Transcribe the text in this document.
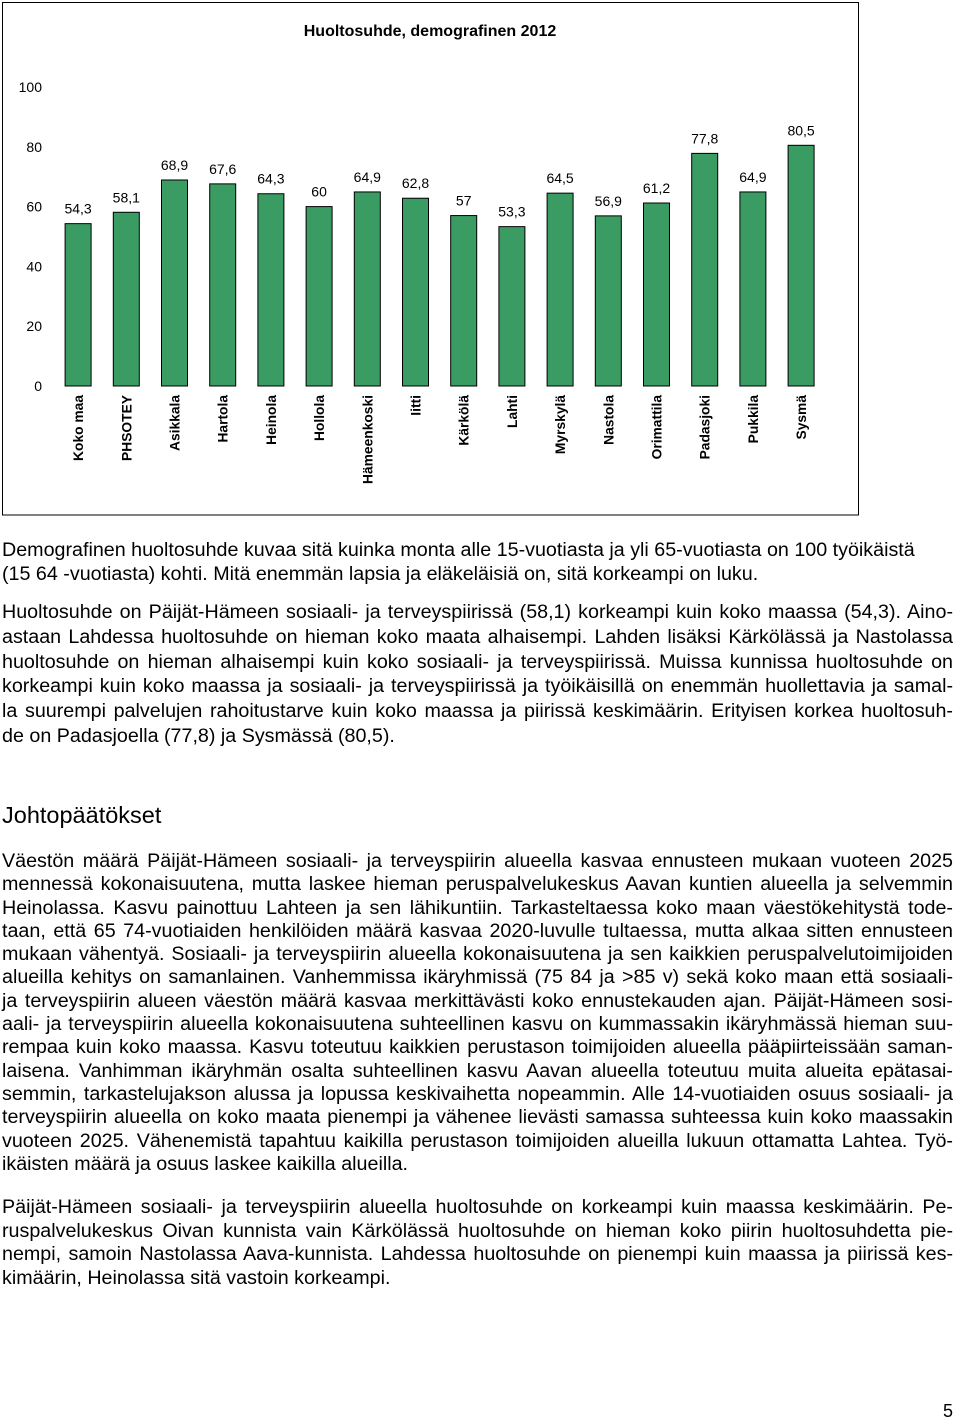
Huoltosuhde, demografinen 2012
0
20
40
60
80
100
54,3
58,1
68,9 67,6
64,3
60
64,9 62,8
57
53,3
64,5
56,9
61,2
77,8
64,9
80,5
Koko maa PHSOTEY Asikkala Hartola Heinola Hollola Hämeenkoski Iitti Kärkölä Lahti Myrskylä Nastola Orimattila Padasjoki Pukkila Sysmä
Demografinen huoltosuhde kuvaa sitä kuinka monta alle 15-vuotiasta ja yli 65-vuotiasta on 100 työikäistä
(15 64 -vuotiasta) kohti. Mitä enemmän lapsia ja eläkeläisiä on, sitä korkeampi on luku.
Huoltosuhde on Päijät-Hämeen sosiaali- ja terveyspiirissä (58,1) korkeampi kuin koko maassa (54,3). Aino-
astaan Lahdessa huoltosuhde on hieman koko maata alhaisempi. Lahden lisäksi Kärkölässä ja Nastolassa
huoltosuhde on hieman alhaisempi kuin koko sosiaali- ja terveyspiirissä. Muissa kunnissa huoltosuhde on
korkeampi kuin koko maassa ja sosiaali- ja terveyspiirissä ja työikäisillä on enemmän huollettavia ja samal-
la suurempi palvelujen rahoitustarve kuin koko maassa ja piirissä keskimäärin. Erityisen korkea huoltosuh-
de on Padasjoella (77,8) ja Sysmässä (80,5).
Johtopäätökset
Väestön määrä Päijät-Hämeen sosiaali- ja terveyspiirin alueella kasvaa ennusteen mukaan vuoteen 2025
mennessä kokonaisuutena, mutta laskee hieman peruspalvelukeskus Aavan kuntien alueella ja selvemmin
Heinolassa. Kasvu painottuu Lahteen ja sen lähikuntiin. Tarkasteltaessa koko maan väestökehitystä tode-
taan, että 65 74-vuotiaiden henkilöiden määrä kasvaa 2020-luvulle tultaessa, mutta alkaa sitten ennusteen
mukaan vähentyä. Sosiaali- ja terveyspiirin alueella kokonaisuutena ja sen kaikkien peruspalvelutoimijoiden
alueilla kehitys on samanlainen. Vanhemmissa ikäryhmissä (75 84 ja >85 v) sekä koko maan että sosiaali-
ja terveyspiirin alueen väestön määrä kasvaa merkittävästi koko ennustekauden ajan. Päijät-Hämeen sosi-
aali- ja terveyspiirin alueella kokonaisuutena suhteellinen kasvu on kummassakin ikäryhmässä hieman suu-
rempaa kuin koko maassa. Kasvu toteutuu kaikkien perustason toimijoiden alueella pääpiirteissään saman-
laisena. Vanhimman ikäryhmän osalta suhteellinen kasvu Aavan alueella toteutuu muita alueita epätasai-
semmin, tarkastelujakson alussa ja lopussa keskivaihetta nopeammin. Alle 14-vuotiaiden osuus sosiaali- ja
terveyspiirin alueella on koko maata pienempi ja vähenee lievästi samassa suhteessa kuin koko maassakin
vuoteen 2025. Vähenemistä tapahtuu kaikilla perustason toimijoiden alueilla lukuun ottamatta Lahtea. Työ-
ikäisten määrä ja osuus laskee kaikilla alueilla.
Päijät-Hämeen sosiaali- ja terveyspiirin alueella huoltosuhde on korkeampi kuin maassa keskimäärin. Pe-
ruspalvelukeskus Oivan kunnista vain Kärkölässä huoltosuhde on hieman koko piirin huoltosuhdetta pie-
nempi, samoin Nastolassa Aava-kunnista. Lahdessa huoltosuhde on pienempi kuin maassa ja piirissä kes-
kimäärin, Heinolassa sitä vastoin korkeampi.
5
